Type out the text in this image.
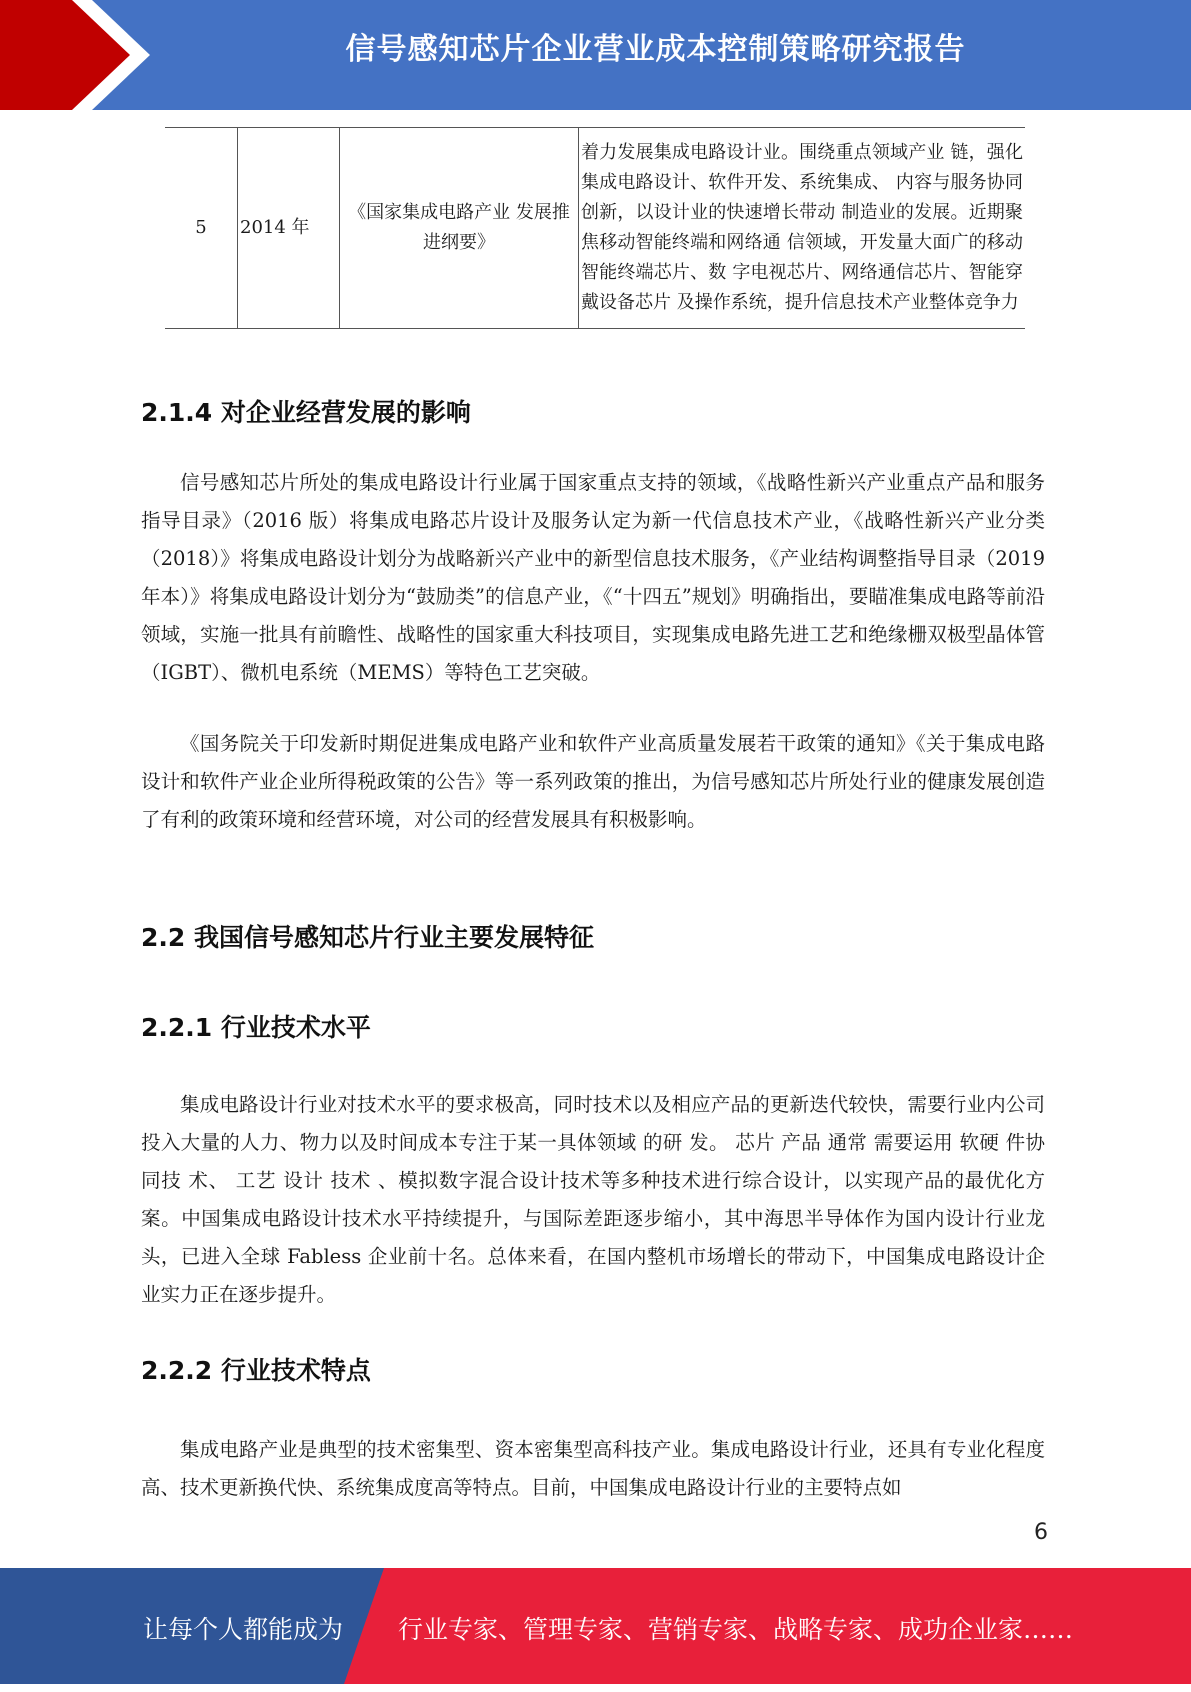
信号感知芯片企业营业成本控制策略研究报告
5	2014 年	《国家集成电路产业 发展推进纲要》	着力发展集成电路设计业。围绕重点领域产业 链，强化集成电路设计、软件开发、系统集成、 内容与服务协同创新，以设计业的快速增长带动 制造业的发展。近期聚焦移动智能终端和网络通 信领域，开发量大面广的移动智能终端芯片、数 字电视芯片、网络通信芯片、智能穿戴设备芯片 及操作系统，提升信息技术产业整体竞争力
2.1.4 对企业经营发展的影响

信号感知芯片所处的集成电路设计行业属于国家重点支持的领域，《战略性新兴产业重点产品和服务指导目录》（2016 版）将集成电路芯片设计及服务认定为新一代信息技术产业，《战略性新兴产业分类（2018）》将集成电路设计划分为战略新兴产业中的新型信息技术服务，《产业结构调整指导目录（2019 年本）》将集成电路设计划分为“鼓励类”的信息产业，《“十四五”规划》明确指出，要瞄准集成电路等前沿领域，实施一批具有前瞻性、战略性的国家重大科技项目，实现集成电路先进工艺和绝缘栅双极型晶体管（IGBT）、微机电系统（MEMS）等特色工艺突破。

《国务院关于印发新时期促进集成电路产业和软件产业高质量发展若干政策的通知》《关于集成电路设计和软件产业企业所得税政策的公告》等一系列政策的推出，为信号感知芯片所处行业的健康发展创造了有利的政策环境和经营环境，对公司的经营发展具有积极影响。

2.2 我国信号感知芯片行业主要发展特征
2.2.1 行业技术水平

集成电路设计行业对技术水平的要求极高，同时技术以及相应产品的更新迭代较快，需要行业内公司投入大量的人力、物力以及时间成本专注于某一具体领域 的研 发。 芯片 产品 通常 需要运用 软硬 件协 同技 术、 工艺 设计 技术 、模拟数字混合设计技术等多种技术进行综合设计，以实现产品的最优化方案。中国集成电路设计技术水平持续提升，与国际差距逐步缩小，其中海思半导体作为国内设计行业龙头，已进入全球 Fabless 企业前十名。总体来看，在国内整机市场增长的带动下，中国集成电路设计企业实力正在逐步提升。

2.2.2 行业技术特点

集成电路产业是典型的技术密集型、资本密集型高科技产业。集成电路设计行业，还具有专业化程度高、技术更新换代快、系统集成度高等特点。目前，中国集成电路设计行业的主要特点如

6
让每个人都能成为 行业专家、管理专家、营销专家、战略专家、成功企业家……
